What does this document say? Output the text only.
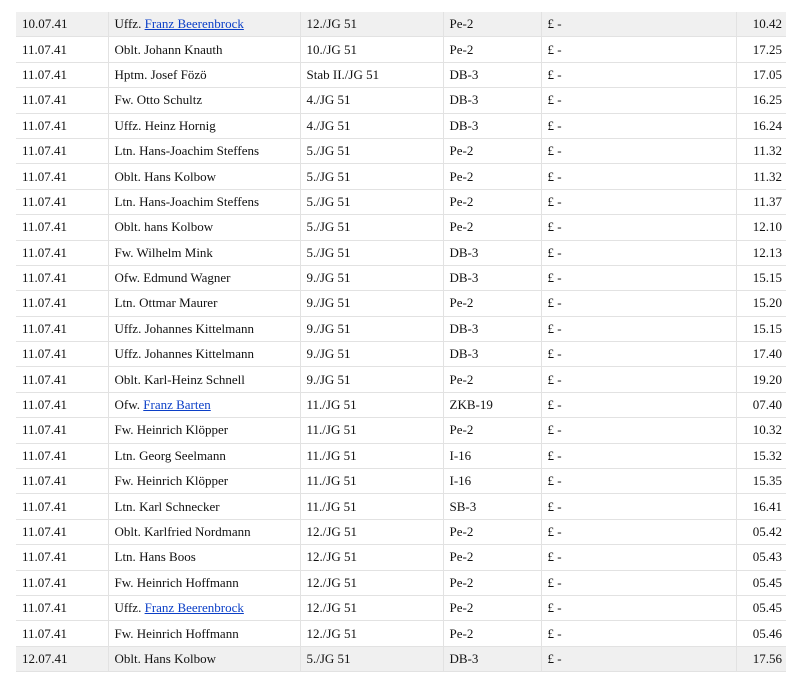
10.07.41	Uffz. Franz Beerenbrock	12./JG 51	Pe-2	£ -	10.42
11.07.41	Oblt. Johann Knauth	10./JG 51	Pe-2	£ -	17.25
11.07.41	Hptm. Josef Fözö	Stab II./JG 51	DB-3	£ -	17.05
11.07.41	Fw. Otto Schultz	4./JG 51	DB-3	£ -	16.25
11.07.41	Uffz. Heinz Hornig	4./JG 51	DB-3	£ -	16.24
11.07.41	Ltn. Hans-Joachim Steffens	5./JG 51	Pe-2	£ -	11.32
11.07.41	Oblt. Hans Kolbow	5./JG 51	Pe-2	£ -	11.32
11.07.41	Ltn. Hans-Joachim Steffens	5./JG 51	Pe-2	£ -	11.37
11.07.41	Oblt. hans Kolbow	5./JG 51	Pe-2	£ -	12.10
11.07.41	Fw. Wilhelm Mink	5./JG 51	DB-3	£ -	12.13
11.07.41	Ofw. Edmund Wagner	9./JG 51	DB-3	£ -	15.15
11.07.41	Ltn. Ottmar Maurer	9./JG 51	Pe-2	£ -	15.20
11.07.41	Uffz. Johannes Kittelmann	9./JG 51	DB-3	£ -	15.15
11.07.41	Uffz. Johannes Kittelmann	9./JG 51	DB-3	£ -	17.40
11.07.41	Oblt. Karl-Heinz Schnell	9./JG 51	Pe-2	£ -	19.20
11.07.41	Ofw. Franz Barten	11./JG 51	ZKB-19	£ -	07.40
11.07.41	Fw. Heinrich Klöpper	11./JG 51	Pe-2	£ -	10.32
11.07.41	Ltn. Georg Seelmann	11./JG 51	I-16	£ -	15.32
11.07.41	Fw. Heinrich Klöpper	11./JG 51	I-16	£ -	15.35
11.07.41	Ltn. Karl Schnecker	11./JG 51	SB-3	£ -	16.41
11.07.41	Oblt. Karlfried Nordmann	12./JG 51	Pe-2	£ -	05.42
11.07.41	Ltn. Hans Boos	12./JG 51	Pe-2	£ -	05.43
11.07.41	Fw. Heinrich Hoffmann	12./JG 51	Pe-2	£ -	05.45
11.07.41	Uffz. Franz Beerenbrock	12./JG 51	Pe-2	£ -	05.45
11.07.41	Fw. Heinrich Hoffmann	12./JG 51	Pe-2	£ -	05.46
12.07.41	Oblt. Hans Kolbow	5./JG 51	DB-3	£ -	17.56
